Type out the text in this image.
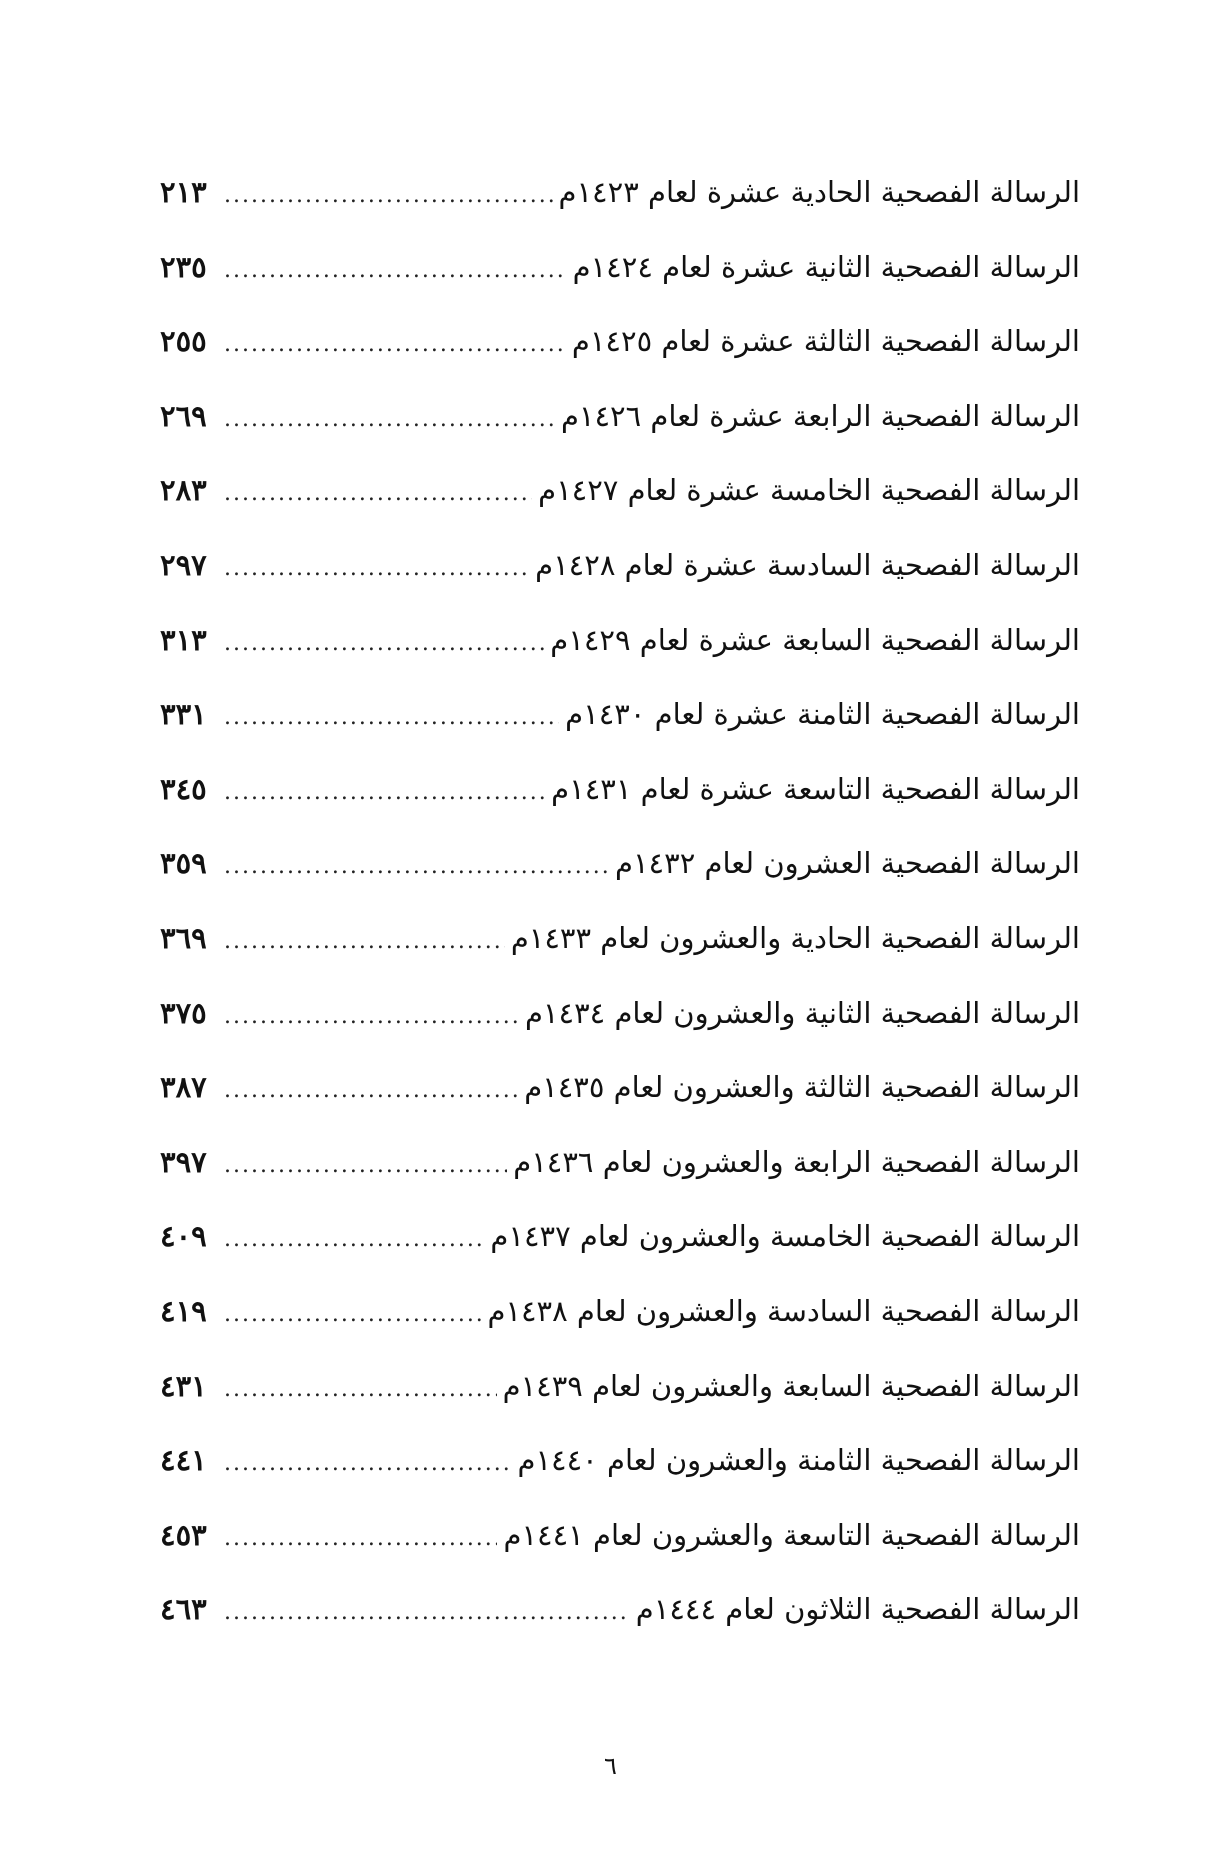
الرسالة الفصحية الحادية عشرة لعام ١٤٢٣م
.....
٢١٣
الرسالة الفصحية الثانية عشرة لعام ١٤٢٤م
.....
٢٣٥
الرسالة الفصحية الثالثة عشرة لعام ١٤٢٥م
.....
٢٥٥
الرسالة الفصحية الرابعة عشرة لعام ١٤٢٦م
.....
٢٦٩
الرسالة الفصحية الخامسة عشرة لعام ١٤٢٧م
.....
٢٨٣
الرسالة الفصحية السادسة عشرة لعام ١٤٢٨م
.....
٢٩٧
الرسالة الفصحية السابعة عشرة لعام ١٤٢٩م
.....
٣١٣
الرسالة الفصحية الثامنة عشرة لعام ١٤٣٠م
.....
٣٣١
الرسالة الفصحية التاسعة عشرة لعام ١٤٣١م
.....
٣٤٥
الرسالة الفصحية العشرون لعام ١٤٣٢م
.....
٣٥٩
الرسالة الفصحية الحادية والعشرون لعام ١٤٣٣م
.....
٣٦٩
الرسالة الفصحية الثانية والعشرون لعام ١٤٣٤م
.....
٣٧٥
الرسالة الفصحية الثالثة والعشرون لعام ١٤٣٥م
.....
٣٨٧
الرسالة الفصحية الرابعة والعشرون لعام ١٤٣٦م
.....
٣٩٧
الرسالة الفصحية الخامسة والعشرون لعام ١٤٣٧م
.....
٤٠٩
الرسالة الفصحية السادسة والعشرون لعام ١٤٣٨م
.....
٤١٩
الرسالة الفصحية السابعة والعشرون لعام ١٤٣٩م
.....
٤٣١
الرسالة الفصحية الثامنة والعشرون لعام ١٤٤٠م
.....
٤٤١
الرسالة الفصحية التاسعة والعشرون لعام ١٤٤١م
.....
٤٥٣
الرسالة الفصحية الثلاثون لعام ١٤٤٤م
.....
٤٦٣
٦
